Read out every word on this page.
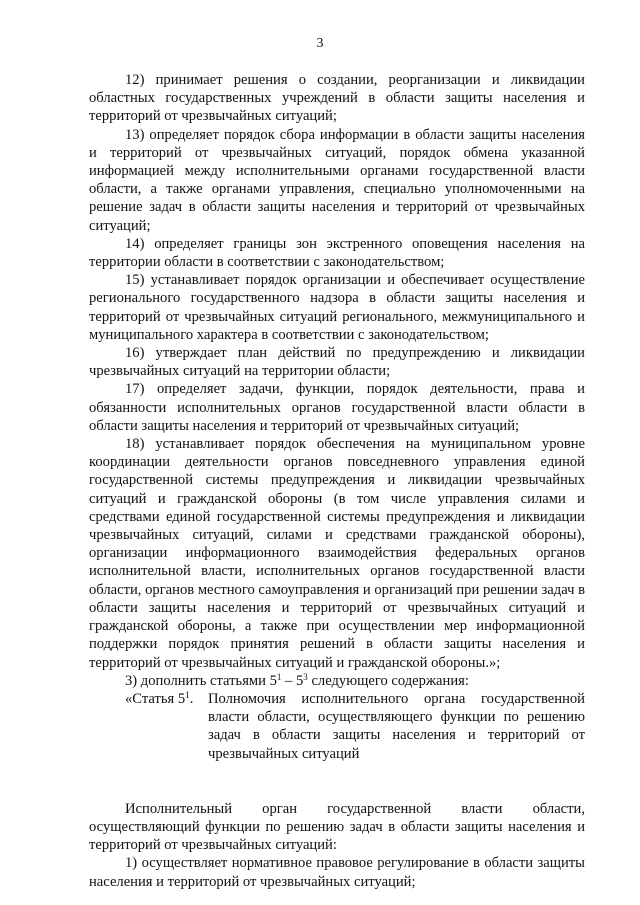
3

12) принимает решения о создании, реорганизации и ликвидации областных государственных учреждений в области защиты населения и территорий от чрезвычайных ситуаций;

13) определяет порядок сбора информации в области защиты населения и территорий от чрезвычайных ситуаций, порядок обмена указанной информацией между исполнительными органами государственной власти области, а также органами управления, специально уполномоченными на решение задач в области защиты населения и территорий от чрезвычайных ситуаций;

14) определяет границы зон экстренного оповещения населения на территории области в соответствии с законодательством;

15) устанавливает порядок организации и обеспечивает осуществление регионального государственного надзора в области защиты населения и территорий от чрезвычайных ситуаций регионального, межмуниципального и муниципального характера в соответствии с законодательством;

16) утверждает план действий по предупреждению и ликвидации чрезвычайных ситуаций на территории области;

17) определяет задачи, функции, порядок деятельности, права и обязанности исполнительных органов государственной власти области в области защиты населения и территорий от чрезвычайных ситуаций;

18) устанавливает порядок обеспечения на муниципальном уровне координации деятельности органов повседневного управления единой государственной системы предупреждения и ликвидации чрезвычайных ситуаций и гражданской обороны (в том числе управления силами и средствами единой государственной системы предупреждения и ликвидации чрезвычайных ситуаций, силами и средствами гражданской обороны), организации информационного взаимодействия федеральных органов исполнительной власти, исполнительных органов государственной власти области, органов местного самоуправления и организаций при решении задач в области защиты населения и территорий от чрезвычайных ситуаций и гражданской обороны, а также при осуществлении мер информационной поддержки порядок принятия решений в области защиты населения и территорий от чрезвычайных ситуаций и гражданской обороны.»;

3) дополнить статьями $5^1 - 5^3$ следующего содержания:

«Статья $5^1$. Полномочия исполнительного органа государственной власти области, осуществляющего функции по решению задач в области защиты населения и территорий от чрезвычайных ситуаций

Исполнительный орган государственной власти области, осуществляющий функции по решению задач в области защиты населения и территорий от чрезвычайных ситуаций:

1) осуществляет нормативное правовое регулирование в области защиты населения и территорий от чрезвычайных ситуаций;
